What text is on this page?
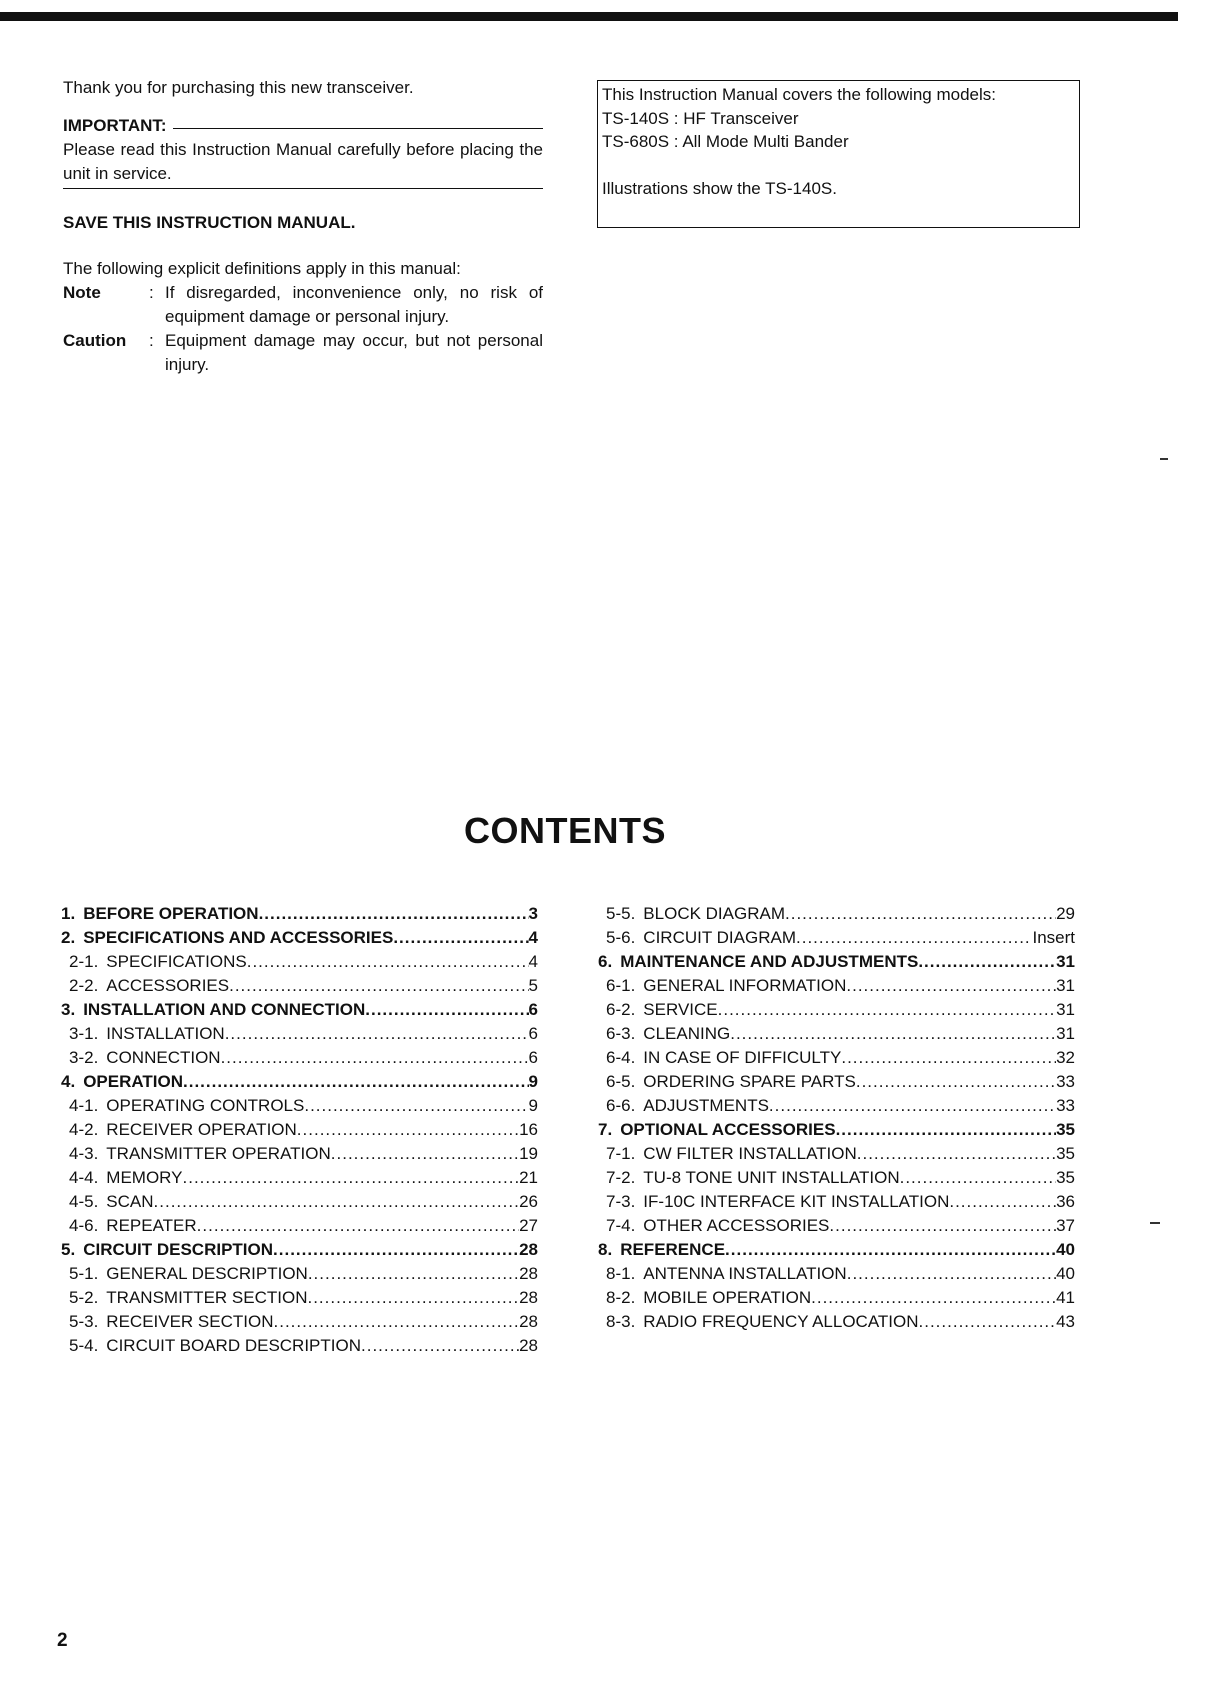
Thank you for purchasing this new transceiver.

IMPORTANT:

Please read this Instruction Manual carefully before placing the unit in service.

SAVE THIS INSTRUCTION MANUAL.

The following explicit definitions apply in this manual:

Note	: If disregarded, inconvenience only, no risk of equipment damage or personal injury.
Caution	: Equipment damage may occur, but not personal injury.

This Instruction Manual covers the following models:

TS-140S : HF Transceiver

TS-680S : All Mode Multi Bander

Illustrations show the TS-140S.

CONTENTS
1. BEFORE OPERATION .....	3
2. SPECIFICATIONS AND ACCESSORIES .....	4
2-1. SPECIFICATIONS .....	4
2-2. ACCESSORIES .....	5
3. INSTALLATION AND CONNECTION .....	6
3-1. INSTALLATION .....	6
3-2. CONNECTION .....	6
4. OPERATION .....	9
4-1. OPERATING CONTROLS .....	9
4-2. RECEIVER OPERATION .....	16
4-3. TRANSMITTER OPERATION .....	19
4-4. MEMORY .....	21
4-5. SCAN .....	26
4-6. REPEATER .....	27
5. CIRCUIT DESCRIPTION .....	28
5-1. GENERAL DESCRIPTION .....	28
5-2. TRANSMITTER SECTION .....	28
5-3. RECEIVER SECTION .....	28
5-4. CIRCUIT BOARD DESCRIPTION .....	28
5-5. BLOCK DIAGRAM .....	29
5-6. CIRCUIT DIAGRAM .....	Insert
6. MAINTENANCE AND ADJUSTMENTS .....	31
6-1. GENERAL INFORMATION .....	31
6-2. SERVICE .....	31
6-3. CLEANING .....	31
6-4. IN CASE OF DIFFICULTY .....	32
6-5. ORDERING SPARE PARTS .....	33
6-6. ADJUSTMENTS .....	33
7. OPTIONAL ACCESSORIES .....	35
7-1. CW FILTER INSTALLATION .....	35
7-2. TU-8 TONE UNIT INSTALLATION .....	35
7-3. IF-10C INTERFACE KIT INSTALLATION .....	36
7-4. OTHER ACCESSORIES .....	37
8. REFERENCE .....	40
8-1. ANTENNA INSTALLATION .....	40
8-2. MOBILE OPERATION .....	41
8-3. RADIO FREQUENCY ALLOCATION .....	43
2
